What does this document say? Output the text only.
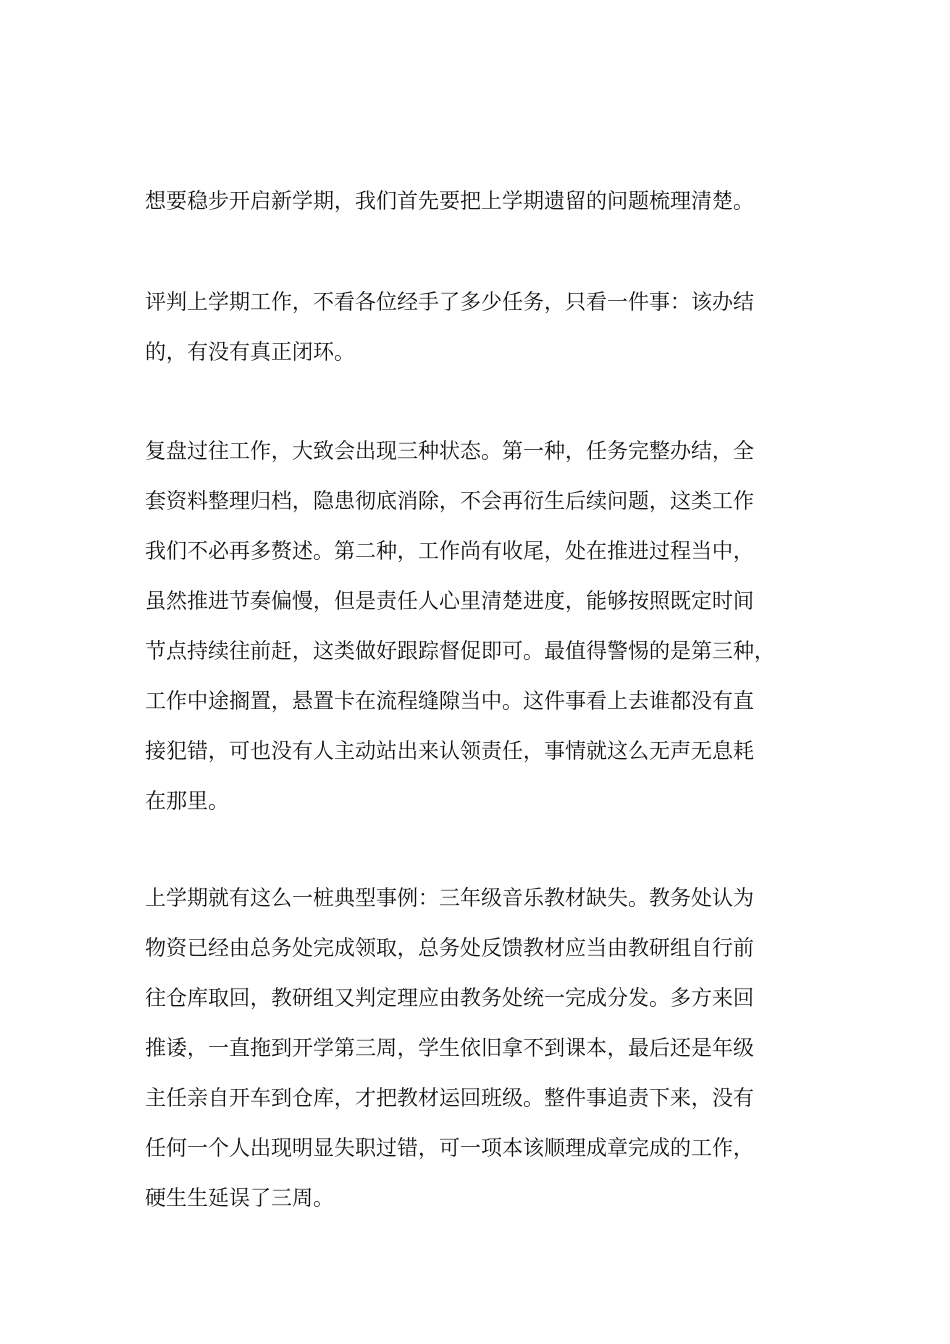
想要稳步开启新学期，我们首先要把上学期遗留的问题梳理清楚。

评判上学期工作，不看各位经手了多少任务，只看一件事：该办结

的，有没有真正闭环。

复盘过往工作，大致会出现三种状态。第一种，任务完整办结，全

套资料整理归档，隐患彻底消除，不会再衍生后续问题，这类工作

我们不必再多赘述。第二种，工作尚有收尾，处在推进过程当中，

虽然推进节奏偏慢，但是责任人心里清楚进度，能够按照既定时间

节点持续往前赶，这类做好跟踪督促即可。最值得警惕的是第三种，

工作中途搁置，悬置卡在流程缝隙当中。这件事看上去谁都没有直

接犯错，可也没有人主动站出来认领责任，事情就这么无声无息耗

在那里。

上学期就有这么一桩典型事例：三年级音乐教材缺失。教务处认为

物资已经由总务处完成领取，总务处反馈教材应当由教研组自行前

往仓库取回，教研组又判定理应由教务处统一完成分发。多方来回

推诿，一直拖到开学第三周，学生依旧拿不到课本，最后还是年级

主任亲自开车到仓库，才把教材运回班级。整件事追责下来，没有

任何一个人出现明显失职过错，可一项本该顺理成章完成的工作，

硬生生延误了三周。
